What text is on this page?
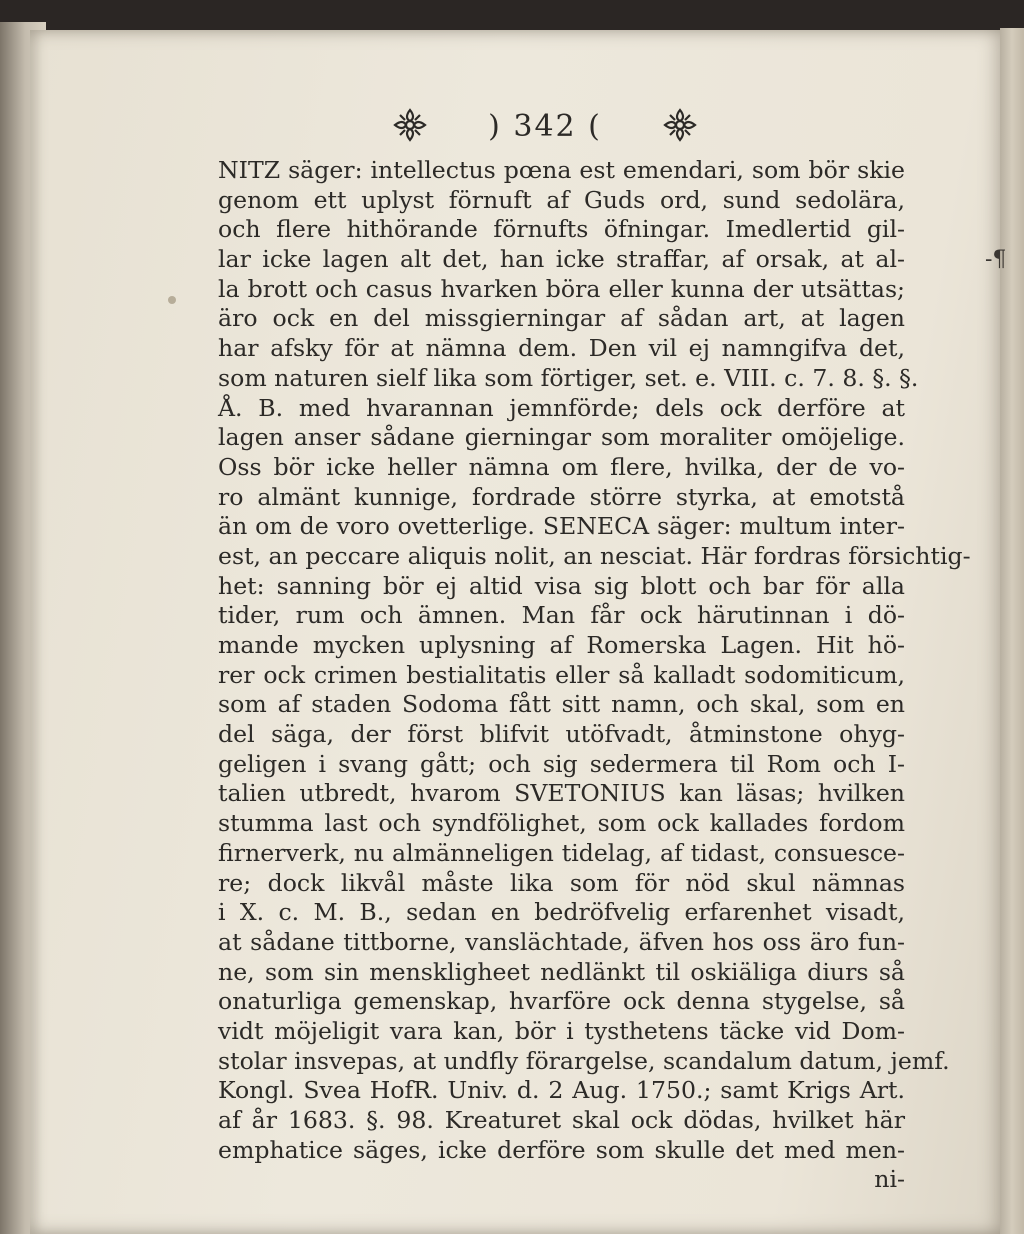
) 342 (
-¶
NITZ säger: intellectus pœna est emendari, som bör skie
genom ett uplyst förnuft af Guds ord, sund sedolära,
och flere hithörande förnufts öfningar. Imedlertid gil-
lar icke lagen alt det, han icke straffar, af orsak, at al-
la brott och casus hvarken böra eller kunna der utsättas;
äro ock en del missgierningar af sådan art, at lagen
har afsky för at nämna dem. Den vil ej namngifva det,
som naturen sielf lika som förtiger, set. e. VIII. c. 7. 8. §. §.
Å. B. med hvarannan jemnförde; dels ock derföre at
lagen anser sådane gierningar som moraliter omöjelige.
Oss bör icke heller nämna om flere, hvilka, der de vo-
ro almänt kunnige, fordrade större styrka, at emotstå
än om de voro ovetterlige. SENECA säger: multum inter-
est, an peccare aliquis nolit, an nesciat. Här fordras försichtig-
het: sanning bör ej altid visa sig blott och bar för alla
tider, rum och ämnen. Man får ock härutinnan i dö-
mande mycken uplysning af Romerska Lagen. Hit hö-
rer ock crimen bestialitatis eller så kalladt sodomiticum,
som af staden Sodoma fått sitt namn, och skal, som en
del säga, der först blifvit utöfvadt, åtminstone ohyg-
geligen i svang gått; och sig sedermera til Rom och I-
talien utbredt, hvarom SVETONIUS kan läsas; hvilken
stumma last och syndfölighet, som ock kallades fordom
firnerverk, nu almänneligen tidelag, af tidast, consuesce-
re; dock likvål måste lika som för nöd skul nämnas
i X. c. M. B., sedan en bedröfvelig erfarenhet visadt,
at sådane tittborne, vanslächtade, äfven hos oss äro fun-
ne, som sin menskligheet nedlänkt til oskiäliga diurs så
onaturliga gemenskap, hvarföre ock denna stygelse, så
vidt möjeligit vara kan, bör i tysthetens täcke vid Dom-
stolar insvepas, at undfly förargelse, scandalum datum, jemf.
Kongl. Svea HofR. Univ. d. 2 Aug. 1750.; samt Krigs Art.
af år 1683. §. 98. Kreaturet skal ock dödas, hvilket här
emphatice säges, icke derföre som skulle det med men-
ni-
